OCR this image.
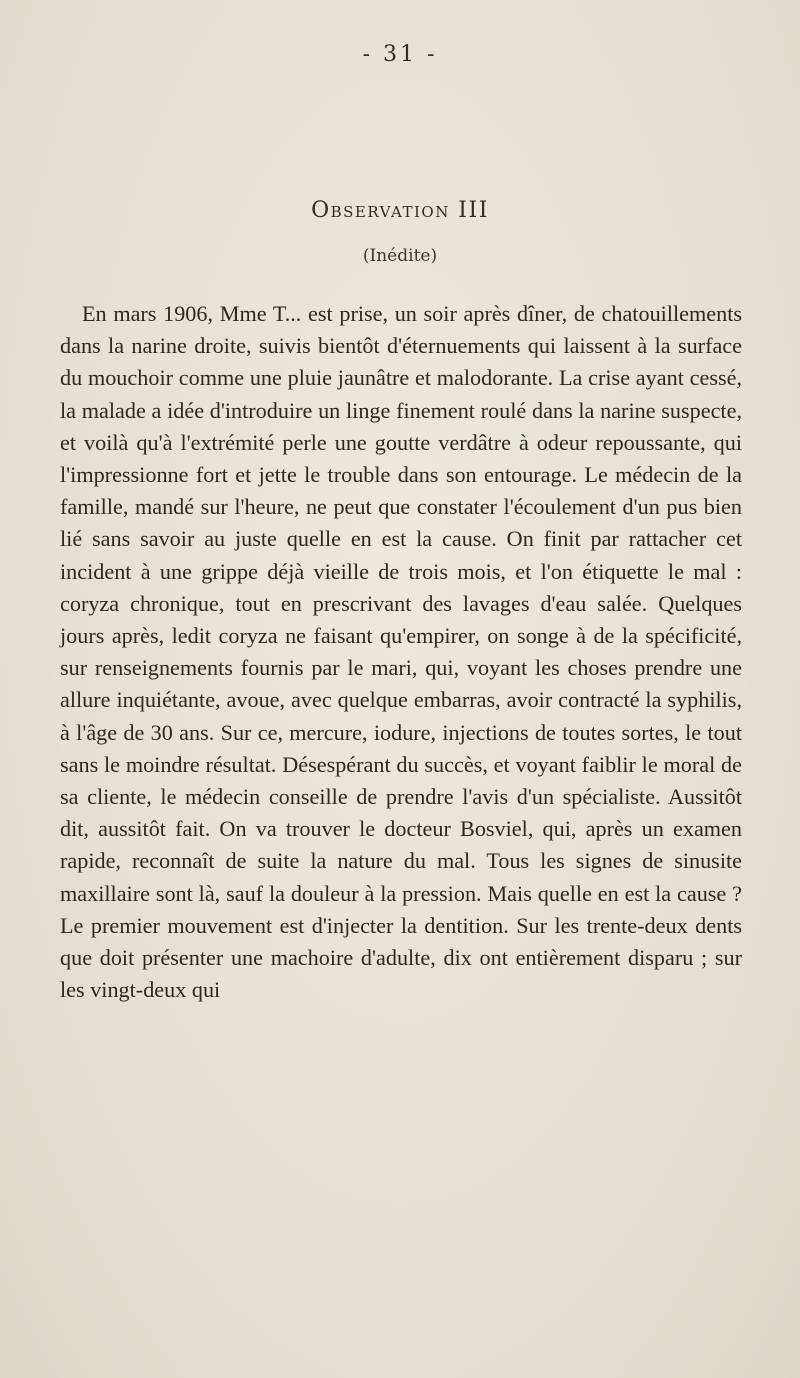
- 31 -
Observation III
(Inédite)

En mars 1906, Mme T... est prise, un soir après dîner, de chatouillements dans la narine droite, suivis bientôt d'éternuements qui laissent à la surface du mouchoir comme une pluie jaunâtre et malodorante. La crise ayant cessé, la malade a idée d'introduire un linge finement roulé dans la narine suspecte, et voilà qu'à l'extrémité perle une goutte verdâtre à odeur repoussante, qui l'impressionne fort et jette le trouble dans son entourage. Le médecin de la famille, mandé sur l'heure, ne peut que constater l'écoulement d'un pus bien lié sans savoir au juste quelle en est la cause. On finit par rattacher cet incident à une grippe déjà vieille de trois mois, et l'on étiquette le mal : coryza chronique, tout en prescrivant des lavages d'eau salée. Quelques jours après, ledit coryza ne faisant qu'empirer, on songe à de la spécificité, sur renseignements fournis par le mari, qui, voyant les choses prendre une allure inquiétante, avoue, avec quelque embarras, avoir contracté la syphilis, à l'âge de 30 ans. Sur ce, mercure, iodure, injections de toutes sortes, le tout sans le moindre résultat. Désespérant du succès, et voyant faiblir le moral de sa cliente, le médecin conseille de prendre l'avis d'un spécialiste. Aussitôt dit, aussitôt fait. On va trouver le docteur Bosviel, qui, après un examen rapide, reconnaît de suite la nature du mal. Tous les signes de sinusite maxillaire sont là, sauf la douleur à la pression. Mais quelle en est la cause ? Le premier mouvement est d'injecter la dentition. Sur les trente-deux dents que doit présenter une machoire d'adulte, dix ont entièrement disparu ; sur les vingt-deux qui
